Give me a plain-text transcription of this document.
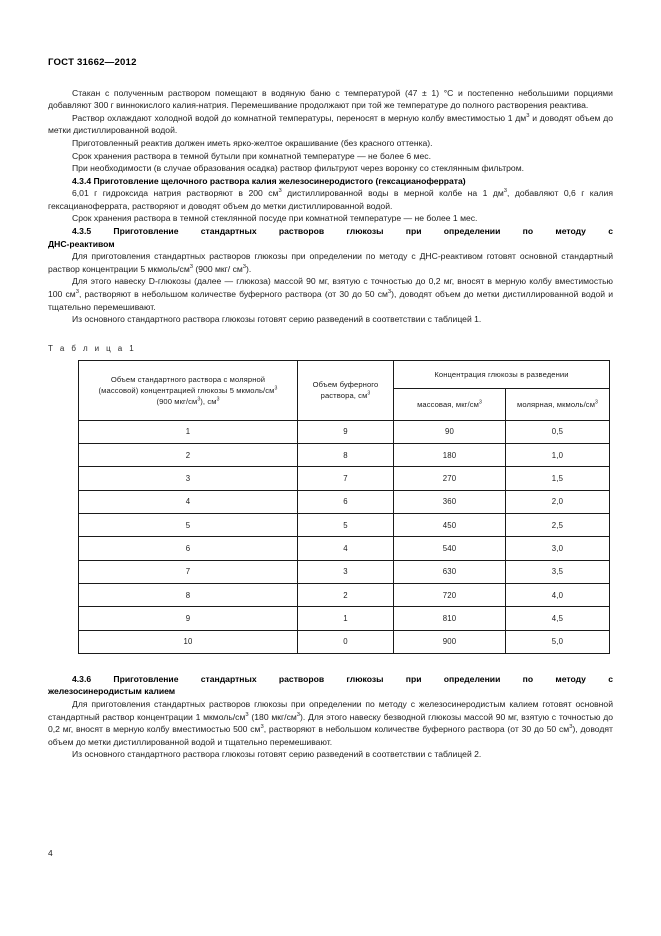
ГОСТ 31662—2012

Стакан с полученным раствором помещают в водяную баню с температурой (47 ± 1) °С и постепенно небольшими порциями добавляют 300 г виннокислого калия-натрия. Перемешивание продолжают при той же температуре до полного растворения реактива.

Раствор охлаждают холодной водой до комнатной температуры, переносят в мерную колбу вместимостью 1 $дм^3$ и доводят объем до метки дистиллированной водой.

Приготовленный реактив должен иметь ярко-желтое окрашивание (без красного оттенка).

Срок хранения раствора в темной бутыли при комнатной температуре — не более 6 мес.

При необходимости (в случае образования осадка) раствор фильтруют через воронку со стеклянным фильтром.

4.3.4 Приготовление щелочного раствора калия железосинеродистого (гексацианоферрата)

6,01 г гидроксида натрия растворяют в 200 $см^3$ дистиллированной воды в мерной колбе на 1 $дм^3$, добавляют 0,6 г калия гексацианоферрата, растворяют и доводят объем до метки дистиллированной водой.

Срок хранения раствора в темной стеклянной посуде при комнатной температуре — не более 1 мес.

4.3.5 Приготовление стандартных растворов глюкозы при определении по методу с
ДНС-реактивом

Для приготовления стандартных растворов глюкозы при определении по методу с ДНС-реактивом готовят основной стандартный раствор концентрации 5 мкмоль/$см^3$ (900 мкг/ $см^3$).

Для этого навеску D-глюкозы (далее — глюкоза) массой 90 мг, взятую с точностью до 0,2 мг, вносят в мерную колбу вместимостью 100 $см^3$, растворяют в небольшом количестве буферного раствора (от 30 до 50 $см^3$), доводят объем до метки дистиллированной водой и тщательно перемешивают.

Из основного стандартного раствора глюкозы готовят серию разведений в соответствии с таблицей 1.

Т а б л и ц а 1
Объем стандартного раствора с молярной
(массовой) концентрацией глюкозы 5 мкмоль/$см^3$
(900 мкг/$см^3$), $см^3$	Объем буферного
раствора, $см^3$	Концентрация глюкозы в разведении	
		массовая, мкг/$см^3$	молярная, мкмоль/$см^3$
1	9	90	0,5
2	8	180	1,0
3	7	270	1,5
4	6	360	2,0
5	5	450	2,5
6	4	540	3,0
7	3	630	3,5
8	2	720	4,0
9	1	810	4,5
10	0	900	5,0

4.3.6 Приготовление стандартных растворов глюкозы при определении по методу с
железосинеродистым калием

Для приготовления стандартных растворов глюкозы при определении по методу с железосинеродистым калием готовят основной стандартный раствор концентрации 1 мкмоль/$см^3$ (180 мкг/$см^3$). Для этого навеску безводной глюкозы массой 90 мг, взятую с точностью до 0,2 мг, вносят в мерную колбу вместимостью 500 $см^3$, растворяют в небольшом количестве буферного раствора (от 30 до 50 $см^3$), доводят объем до метки дистиллированной водой и тщательно перемешивают.

Из основного стандартного раствора глюкозы готовят серию разведений в соответствии с таблицей 2.

4
